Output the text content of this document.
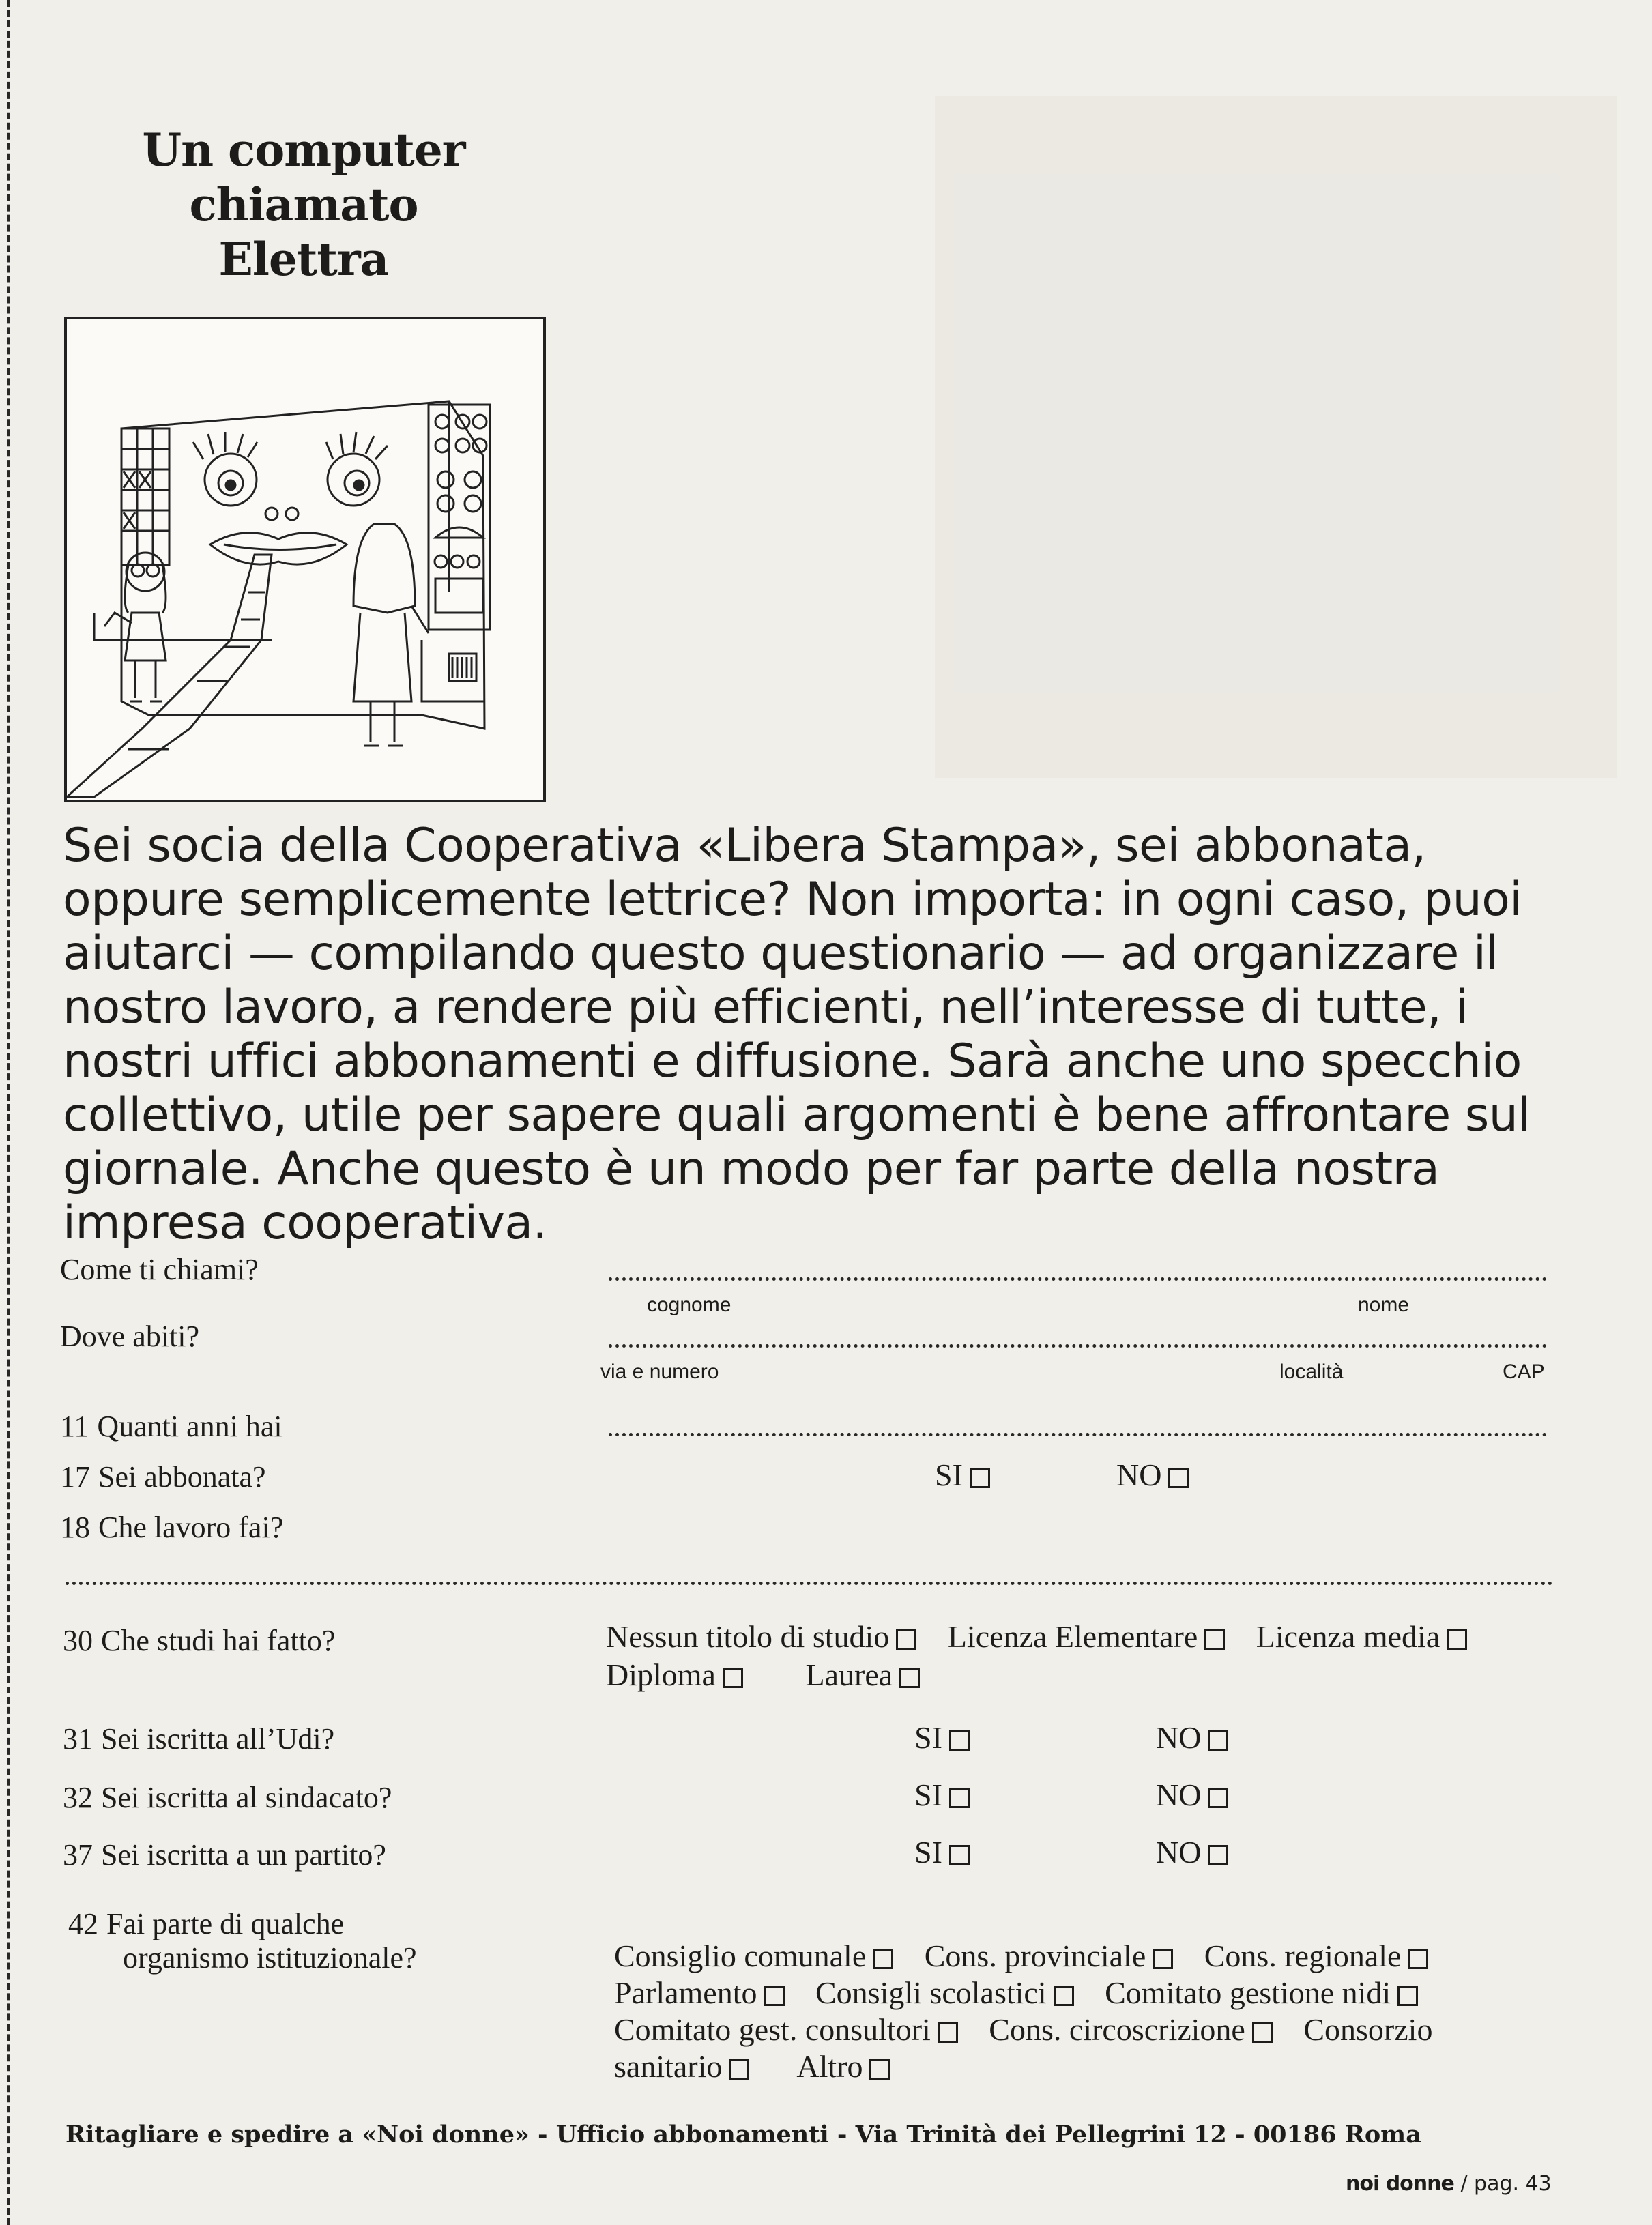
Un computer
chiamato
Elettra

Sei socia della Cooperativa «Libera Stampa», sei abbonata, oppure semplicemente lettrice? Non importa: in ogni caso, puoi aiutarci — compilando questo questionario — ad organizzare il nostro lavoro, a rendere più efficienti, nell’interesse di tutte, i nostri uffici abbonamenti e diffusione. Sarà anche uno specchio collettivo, utile per sapere quali argomenti è bene affrontare sul giornale. Anche questo è un modo per far parte della nostra impresa cooperativa.

Come ti chiami?
cognome	nome
Dove abiti?
via e numero	località	CAP
11 Quanti anni hai
17 Sei abbonata?	SI	NO
18 Che lavoro fai?
30 Che studi hai fatto?	Nessun titolo di studio Licenza Elementare Licenza media
Diploma	Laurea
31 Sei iscritta all’Udi?	SI	NO
32 Sei iscritta al sindacato?	SI	NO
37 Sei iscritta a un partito?	SI	NO
42 Fai parte di qualche
organismo istituzionale?	Consiglio comunale Cons. provinciale Cons. regionale
Parlamento Consigli scolastici Comitato gestione nidi
Comitato gest. consultori Cons. circoscrizione Consorzio
sanitario Altro
Ritagliare e spedire a «Noi donne» - Ufficio abbonamenti - Via Trinità dei Pellegrini 12 - 00186 Roma
noi donne / pag. 43
